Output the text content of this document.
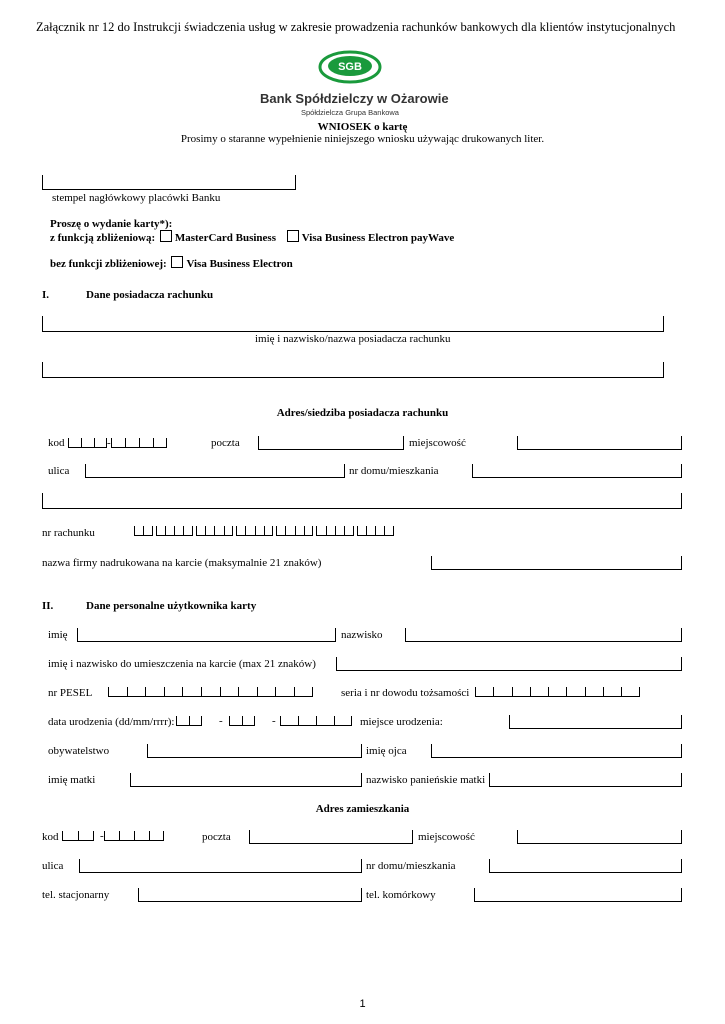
Załącznik nr 12 do Instrukcji świadczenia usług w zakresie prowadzenia rachunków bankowych dla klientów instytucjonalnych
SGB
Bank Spółdzielczy w Ożarowie
Spółdzielcza Grupa Bankowa
WNIOSEK o kartę
Prosimy o staranne wypełnienie niniejszego wniosku używając drukowanych liter.
stempel nagłówkowy placówki Banku
Proszę o wydanie karty*):
z funkcją zbliżeniową: MasterCard Business Visa Business Electron payWave
bez funkcji zbliżeniowej: Visa Business Electron
I.	Dane posiadacza rachunku
imię i nazwisko/nazwa posiadacza rachunku
Adres/siedziba posiadacza rachunku
kod	-	poczta	miejscowość
ulica	nr domu/mieszkania
nr rachunku
nazwa firmy nadrukowana na karcie (maksymalnie 21 znaków)
II.	Dane personalne użytkownika karty
imię	nazwisko
imię i nazwisko do umieszczenia na karcie (max 21 znaków)
nr PESEL	seria i nr dowodu tożsamości
data urodzenia (dd/mm/rrrr):	-	-	miejsce urodzenia:
obywatelstwo	imię ojca
imię matki	nazwisko panieńskie matki
Adres zamieszkania
kod	-	poczta	miejscowość
ulica	nr domu/mieszkania
tel. stacjonarny	tel. komórkowy
1
